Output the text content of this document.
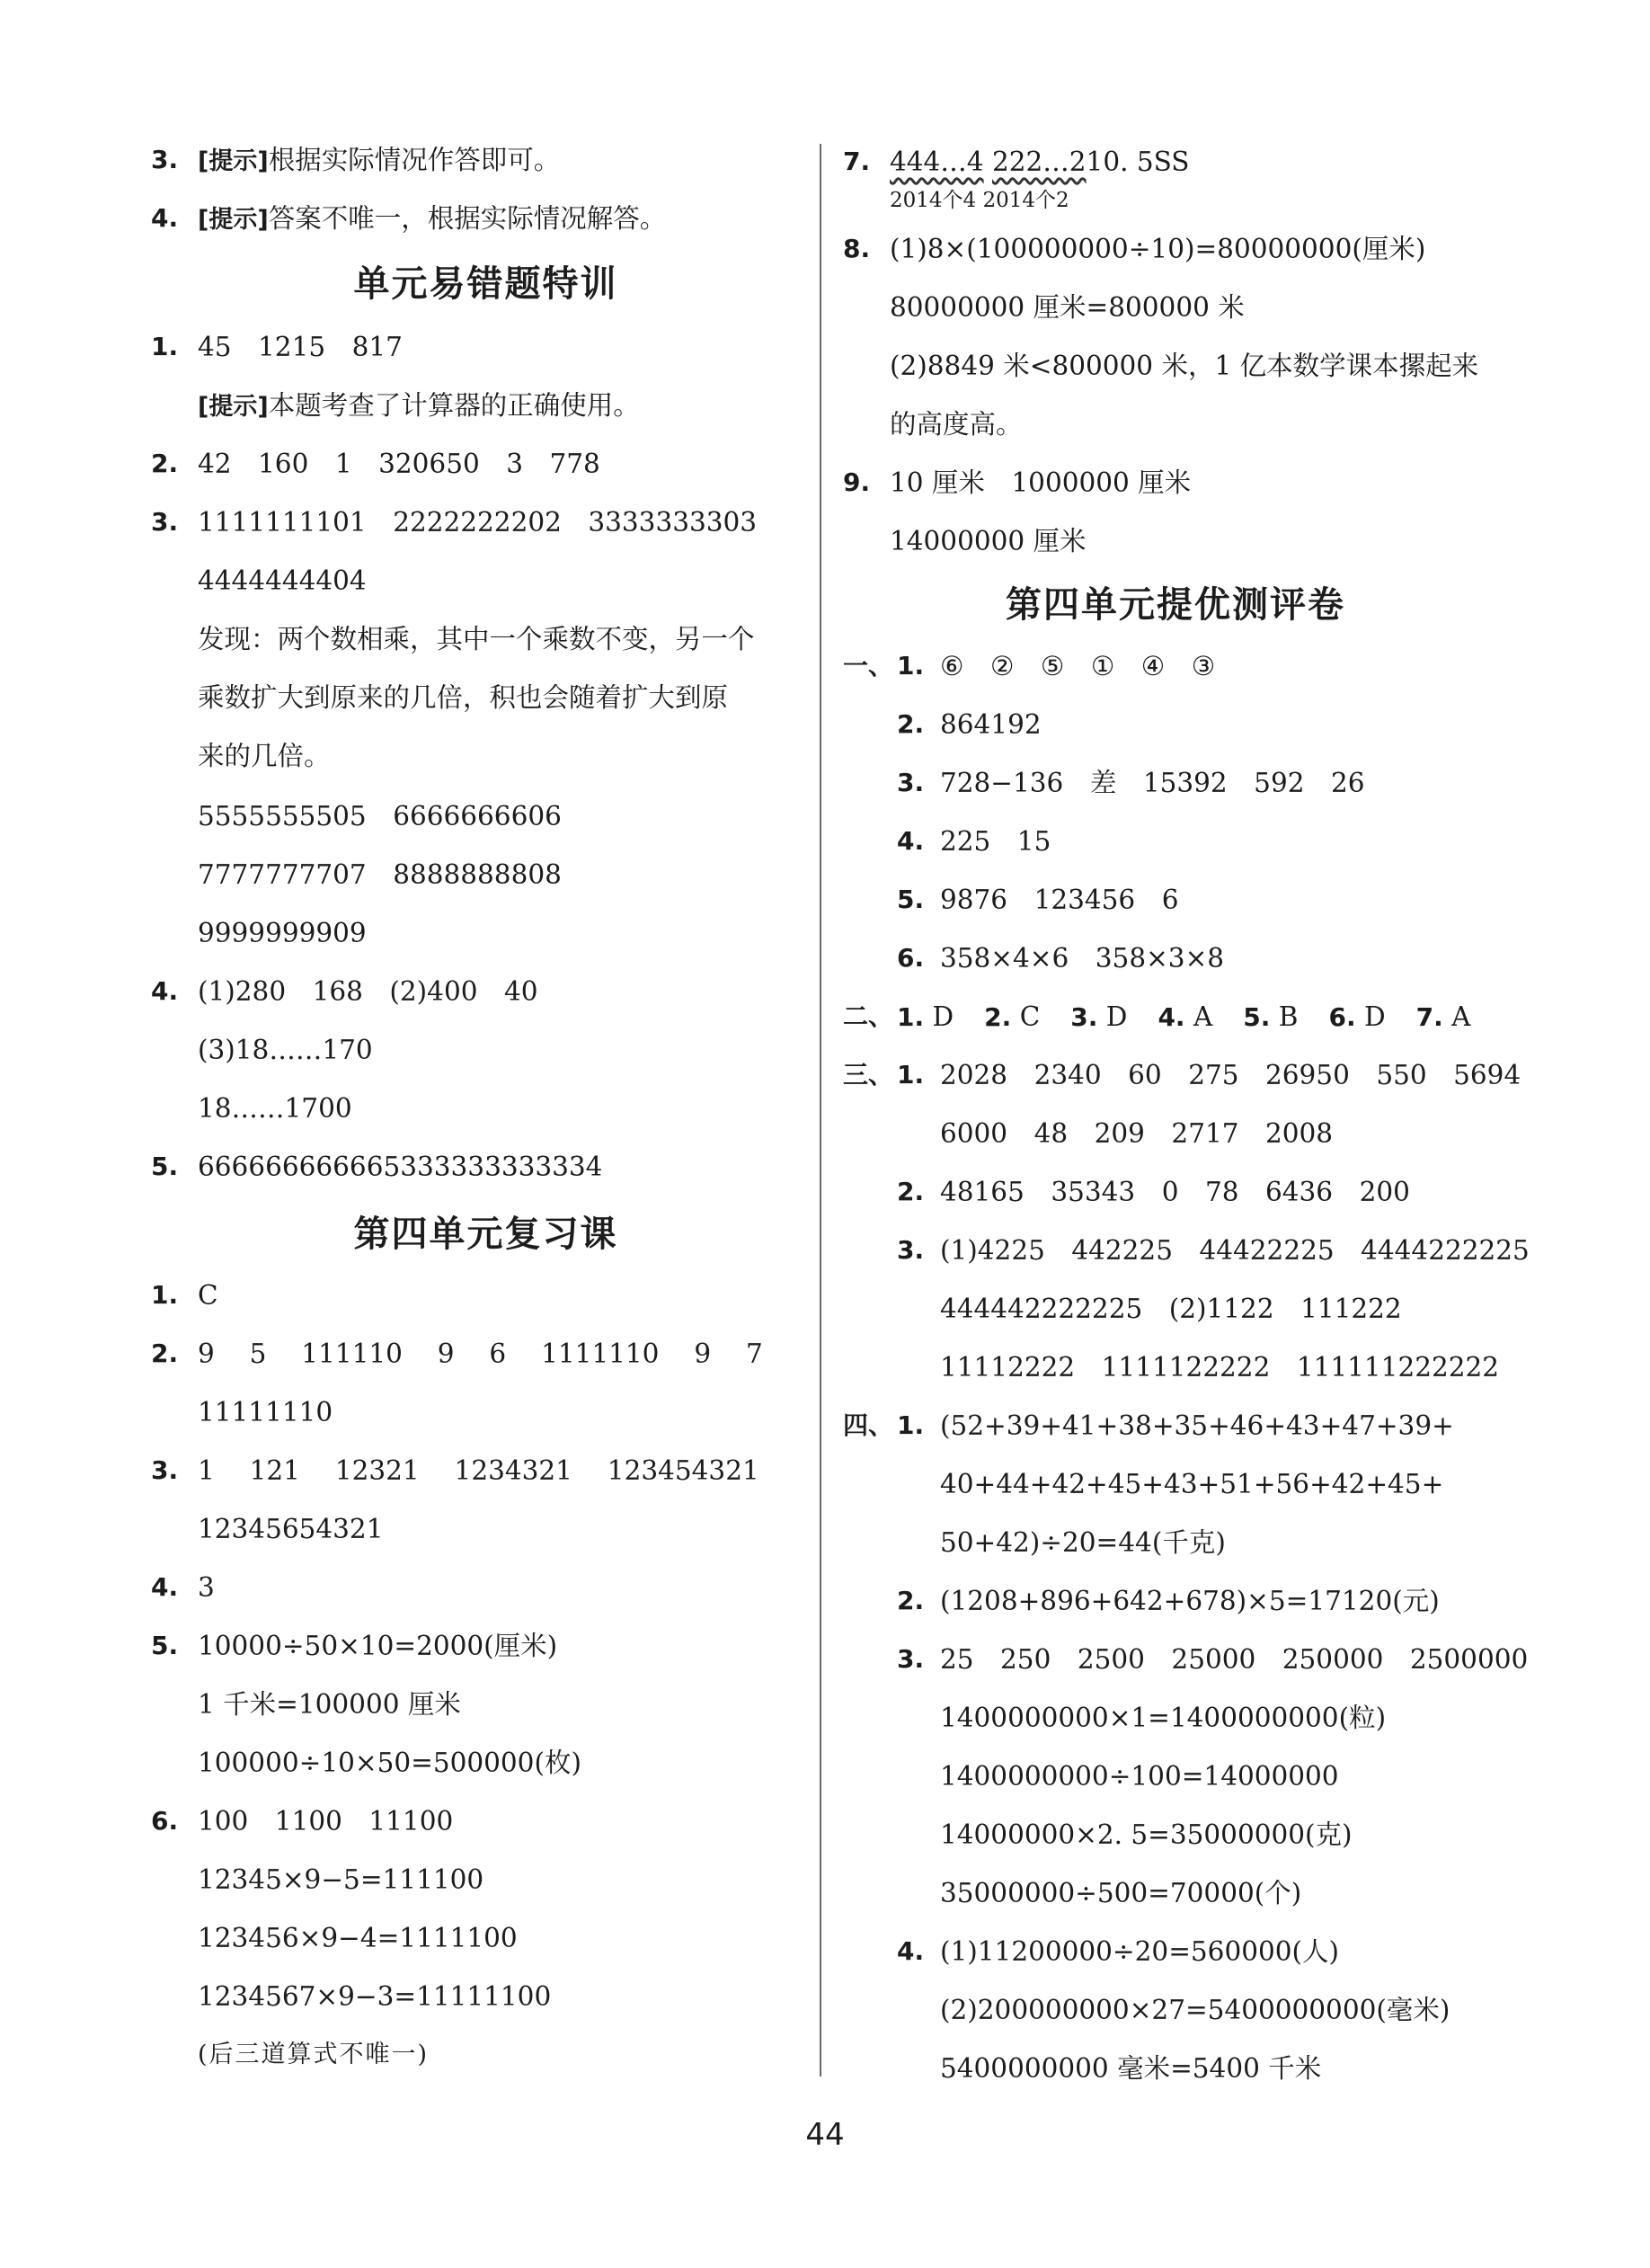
3. [提示]根据实际情况作答即可。
4. [提示]答案不唯一，根据实际情况解答。
单元易错题特训
1. 45　1215　817
[提示]本题考查了计算器的正确使用。
2. 42　160　1　320650　3　778
3. 1111111101　2222222202　3333333303
4444444404
发现：两个数相乘，其中一个乘数不变，另一个
乘数扩大到原来的几倍，积也会随着扩大到原
来的几倍。
5555555505　6666666606
7777777707　8888888808
9999999909
4. (1)280　168　(2)400　40
(3)18……170
18……1700
5. 666666666665333333333334
第四单元复习课
1. C
2. 9　 5　 111110　 9　 6　 1111110　 9　 7
11111110
3. 1　 121　 12321　 1234321　 123454321
12345654321
4. 3
5. 10000÷50×10=2000(厘米)
1 千米=100000 厘米
100000÷10×50=500000(枚)
6. 100　1100　11100
12345×9−5=111100
123456×9−4=1111100
1234567×9−3=11111100
(后三道算式不唯一)
7. 444…4 222…210. 5SS
2014个4 2014个2
8. (1)8×(100000000÷10)=80000000(厘米)
80000000 厘米=800000 米
(2)8849 米<800000 米，1 亿本数学课本摞起来
的高度高。
9. 10 厘米　1000000 厘米
14000000 厘米
第四单元提优测评卷
一、 1. ⑥　②　⑤　①　④　③
2. 864192
3. 728−136　差　15392　592　26
4. 225　15
5. 9876　123456　6
6. 358×4×6　358×3×8
二、 1. D 2. C 3. D 4. A 5. B 6. D 7. A
三、 1. 2028　2340　60　275　26950　550　5694
6000　48　209　2717　2008
2. 48165　35343　0　78　6436　200
3. (1)4225　442225　44422225　4444222225
444442222225　(2)1122　111222
11112222　1111122222　111111222222
四、 1. (52+39+41+38+35+46+43+47+39+
40+44+42+45+43+51+56+42+45+
50+42)÷20=44(千克)
2. (1208+896+642+678)×5=17120(元)
3. 25　250　2500　25000　250000　2500000
1400000000×1=1400000000(粒)
1400000000÷100=14000000
14000000×2. 5=35000000(克)
35000000÷500=70000(个)
4. (1)11200000÷20=560000(人)
(2)200000000×27=5400000000(毫米)
5400000000 毫米=5400 千米
44
